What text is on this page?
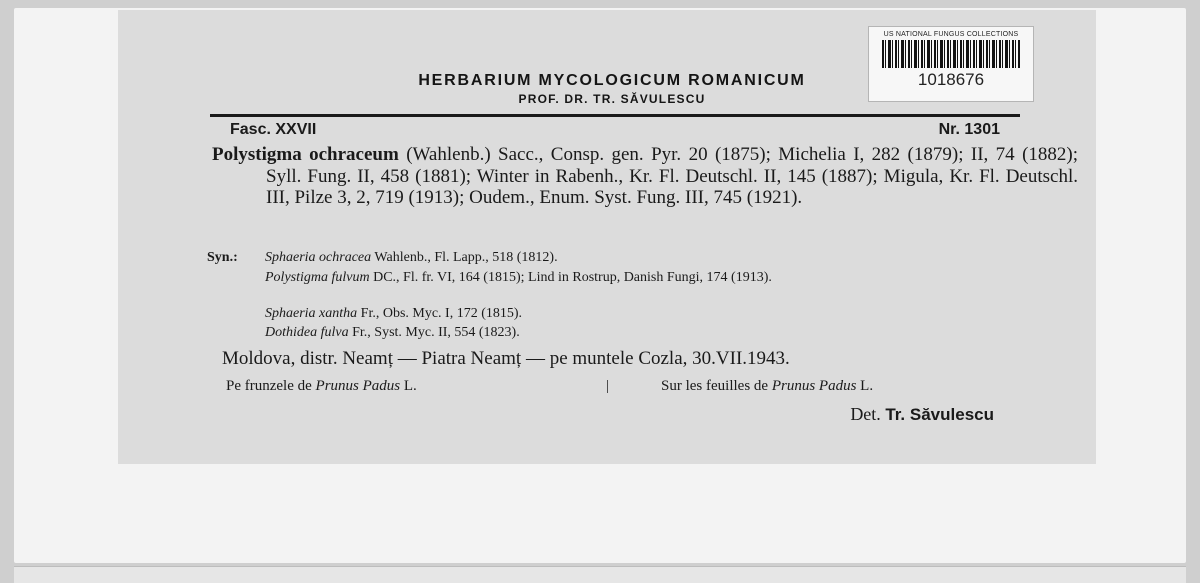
US NATIONAL FUNGUS COLLECTIONS
1018676
HERBARIUM MYCOLOGICUM ROMANICUM
PROF. DR. TR. SĂVULESCU
Fasc. XXVII	Nr. 1301
Polystigma ochraceum (Wahlenb.) Sacc., Consp. gen. Pyr. 20 (1875); Michelia I, 282 (1879); II, 74 (1882); Syll. Fung. II, 458 (1881); Winter in Rabenh., Kr. Fl. Deutschl. II, 145 (1887); Migula, Kr. Fl. Deutschl. III, Pilze 3, 2, 719 (1913); Oudem., Enum. Syst. Fung. III, 745 (1921).
Syn.: Sphaeria ochracea Wahlenb., Fl. Lapp., 518 (1812).
Polystigma fulvum DC., Fl. fr. VI, 164 (1815); Lind in Rostrup, Danish Fungi, 174 (1913).
Sphaeria xantha Fr., Obs. Myc. I, 172 (1815).
Dothidea fulva Fr., Syst. Myc. II, 554 (1823).
Moldova, distr. Neamț — Piatra Neamț — pe muntele Cozla, 30.VII.1943.
Pe frunzele de Prunus Padus L.	|	Sur les feuilles de Prunus Padus L.
Det. Tr. Săvulescu
